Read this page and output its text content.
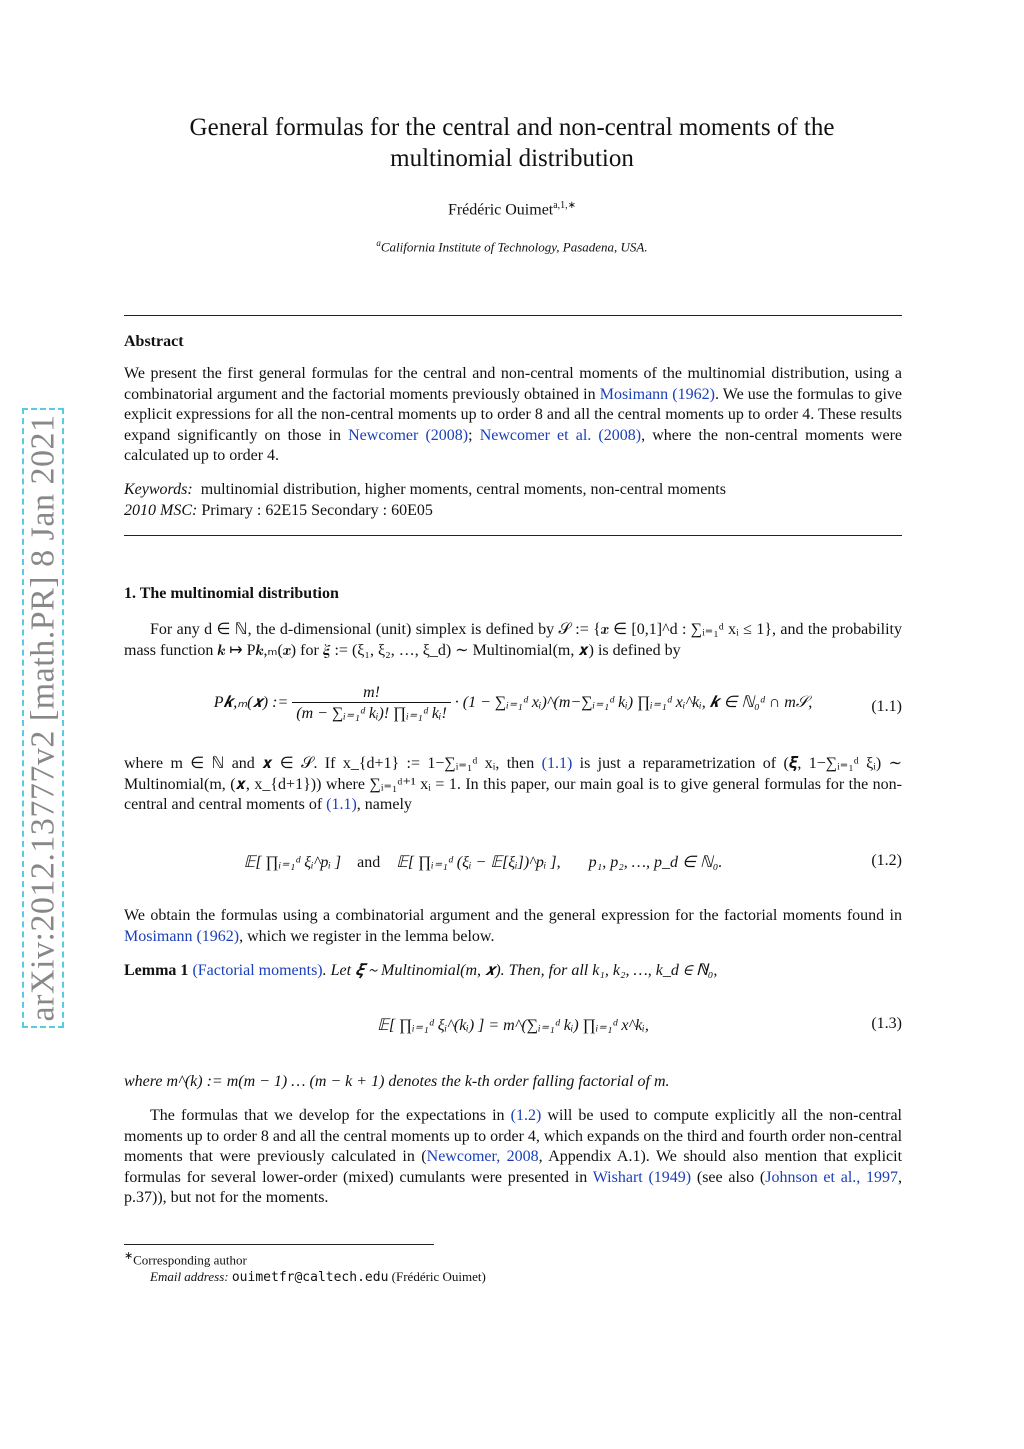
arXiv:2012.13777v2 [math.PR] 8 Jan 2021
General formulas for the central and non-central moments of the multinomial distribution
Frédéric Ouimet$^{a,1,∗}$
$^a$California Institute of Technology, Pasadena, USA.
Abstract
We present the first general formulas for the central and non-central moments of the multinomial distribution, using a combinatorial argument and the factorial moments previously obtained in Mosimann (1962). We use the formulas to give explicit expressions for all the non-central moments up to order 8 and all the central moments up to order 4. These results expand significantly on those in Newcomer (2008); Newcomer et al. (2008), where the non-central moments were calculated up to order 4.
Keywords: multinomial distribution, higher moments, central moments, non-central moments
2010 MSC: Primary : 62E15 Secondary : 60E05
1. The multinomial distribution
For any d ∈ ℕ, the d-dimensional (unit) simplex is defined by 𝒮 := {𝒙 ∈ [0,1]^d : ∑ᵢ₌₁ᵈ xᵢ ≤ 1}, and the probability mass function 𝒌 ↦ P𝒌,ₘ(𝒙) for 𝝃 := (ξ₁, ξ₂, …, ξ_d) ∼ Multinomial(m, 𝒙) is defined by
P𝒌,ₘ(𝒙) := $\frac{m!}{\text{(m − ∑ᵢ₌₁ᵈ kᵢ)! ∏ᵢ₌₁ᵈ kᵢ!}} \cdot (1$ − ∑ᵢ₌₁ᵈ xᵢ)^(m−∑ᵢ₌₁ᵈ kᵢ) ∏ᵢ₌₁ᵈ xᵢ^kᵢ, 𝒌 ∈ ℕ₀ᵈ ∩ m𝒮,	(1.1)
where m ∈ ℕ and 𝒙 ∈ 𝒮. If x_{d+1} := 1−∑ᵢ₌₁ᵈ xᵢ, then (1.1) is just a reparametrization of (𝝃, 1−∑ᵢ₌₁ᵈ ξᵢ) ∼ Multinomial(m, (𝒙, x_{d+1})) where ∑ᵢ₌₁ᵈ⁺¹ xᵢ = 1. In this paper, our main goal is to give general formulas for the non-central and central moments of (1.1), namely
𝔼[ ∏ᵢ₌₁ᵈ ξᵢ^pᵢ ] and 𝔼[ ∏ᵢ₌₁ᵈ (ξᵢ − 𝔼[ξᵢ])^pᵢ ], p₁, p₂, …, p_d ∈ ℕ₀.	(1.2)
We obtain the formulas using a combinatorial argument and the general expression for the factorial moments found in Mosimann (1962), which we register in the lemma below.
Lemma 1 (Factorial moments). Let 𝝃 ∼ Multinomial(m, 𝒙). Then, for all k₁, k₂, …, k_d ∈ ℕ₀,
𝔼[ ∏ᵢ₌₁ᵈ ξᵢ^(kᵢ) ] = m^(∑ᵢ₌₁ᵈ kᵢ) ∏ᵢ₌₁ᵈ x^kᵢ,	(1.3)
where m^(k) := m(m − 1) … (m − k + 1) denotes the k-th order falling factorial of m.
The formulas that we develop for the expectations in (1.2) will be used to compute explicitly all the non-central moments up to order 8 and all the central moments up to order 4, which expands on the third and fourth order non-central moments that were previously calculated in (Newcomer, 2008, Appendix A.1). We should also mention that explicit formulas for several lower-order (mixed) cumulants were presented in Wishart (1949) (see also (Johnson et al., 1997, p.37)), but not for the moments.
∗Corresponding author
Email address: ouimetfr@caltech.edu (Frédéric Ouimet)
